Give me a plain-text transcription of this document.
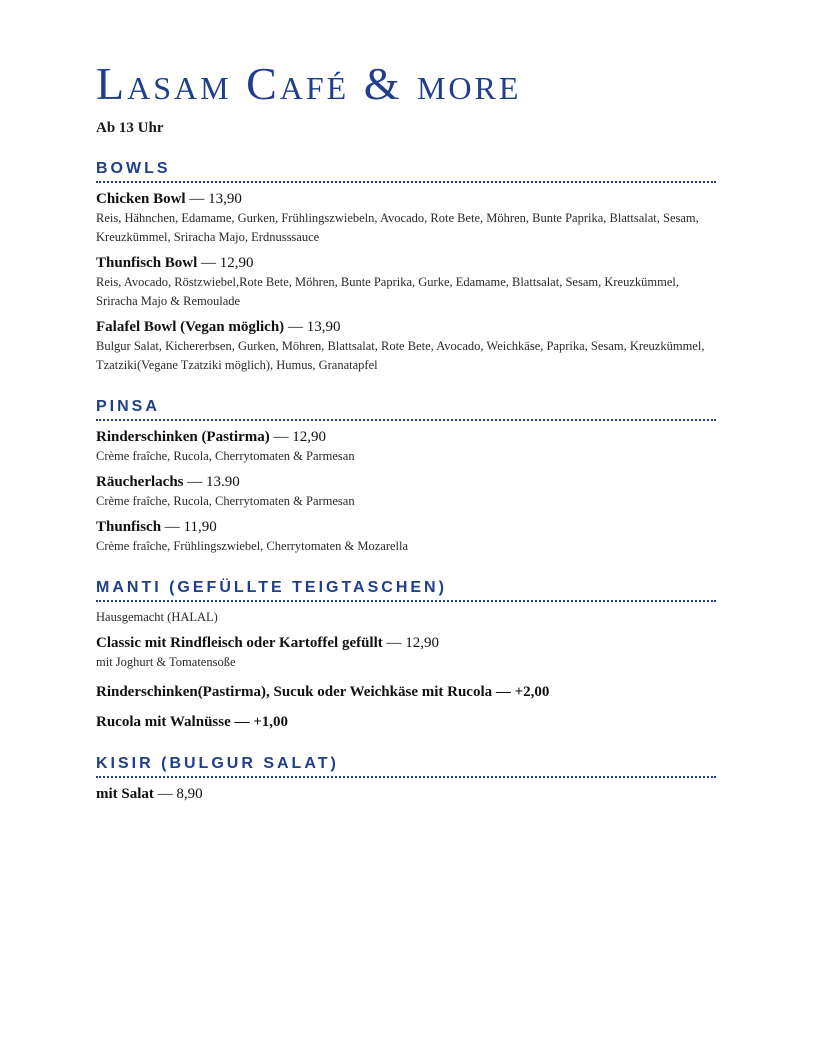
Lasam Café & more
Ab 13 Uhr
BOWLS
Chicken Bowl — 13,90
Reis, Hähnchen, Edamame, Gurken, Frühlingszwiebeln, Avocado, Rote Bete, Möhren, Bunte Paprika, Blattsalat, Sesam, Kreuzkümmel, Sriracha Majo, Erdnusssauce
Thunfisch Bowl — 12,90
Reis, Avocado, Röstzwiebel,Rote Bete, Möhren, Bunte Paprika, Gurke, Edamame, Blattsalat, Sesam, Kreuzkümmel, Sriracha Majo & Remoulade
Falafel Bowl (Vegan möglich) — 13,90
Bulgur Salat, Kichererbsen, Gurken, Möhren, Blattsalat, Rote Bete, Avocado, Weichkäse, Paprika, Sesam, Kreuzkümmel, Tzatziki(Vegane Tzatziki möglich), Humus, Granatapfel
PINSA
Rinderschinken (Pastirma) — 12,90
Crème fraîche, Rucola, Cherrytomaten & Parmesan
Räucherlachs — 13.90
Crème fraîche, Rucola, Cherrytomaten & Parmesan
Thunfisch — 11,90
Crème fraîche, Frühlingszwiebel, Cherrytomaten & Mozarella
MANTI (GEFÜLLTE TEIGTASCHEN)
Hausgemacht (HALAL)
Classic mit Rindfleisch oder Kartoffel gefüllt — 12,90
mit Joghurt & Tomatensoße
Rinderschinken(Pastirma), Sucuk oder Weichkäse mit Rucola — +2,00
Rucola mit Walnüsse — +1,00
KISIR (BULGUR SALAT)
mit Salat — 8,90
